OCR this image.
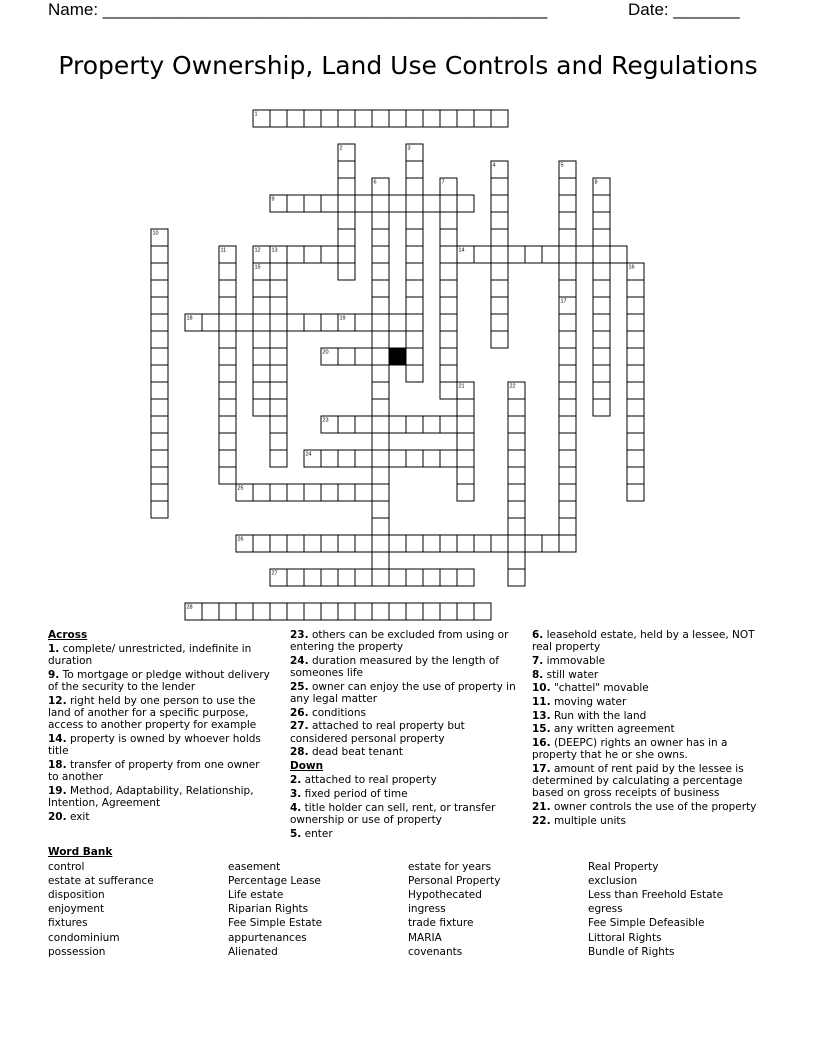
Name: _______________________________________________	Date: _______
Property Ownership, Land Use Controls and Regulations
1
2	3
4	5
6	7	8
9
10
11	12 13	14
15	16
17
18	19
20
21	22
23
24
25
26
27
28
Across

1. complete/ unrestricted, indefinite in duration

9. To mortgage or pledge without delivery of the security to the lender

12. right held by one person to use the land of another for a specific purpose, access to another property for example

14. property is owned by whoever holds title

18. transfer of property from one owner to another

19. Method, Adaptability, Relationship, Intention, Agreement

20. exit

23. others can be excluded from using or entering the property

24. duration measured by the length of someones life

25. owner can enjoy the use of property in any legal matter

26. conditions

27. attached to real property but considered personal property

28. dead beat tenant

Down

2. attached to real property

3. fixed period of time

4. title holder can sell, rent, or transfer ownership or use of property

5. enter

6. leasehold estate, held by a lessee, NOT real property

7. immovable

8. still water

10. "chattel" movable

11. moving water

13. Run with the land

15. any written agreement

16. (DEEPC) rights an owner has in a property that he or she owns.

17. amount of rent paid by the lessee is determined by calculating a percentage based on gross receipts of business

21. owner controls the use of the property

22. multiple units

Word Bank
control	easement	estate for years	Real Property
estate at sufferance	Percentage Lease	Personal Property	exclusion
disposition	Life estate	Hypothecated	Less than Freehold Estate
enjoyment	Riparian Rights	ingress	egress
fixtures	Fee Simple Estate	trade fixture	Fee Simple Defeasible
condominium	appurtenances	MARIA	Littoral Rights
possession	Alienated	covenants	Bundle of Rights
